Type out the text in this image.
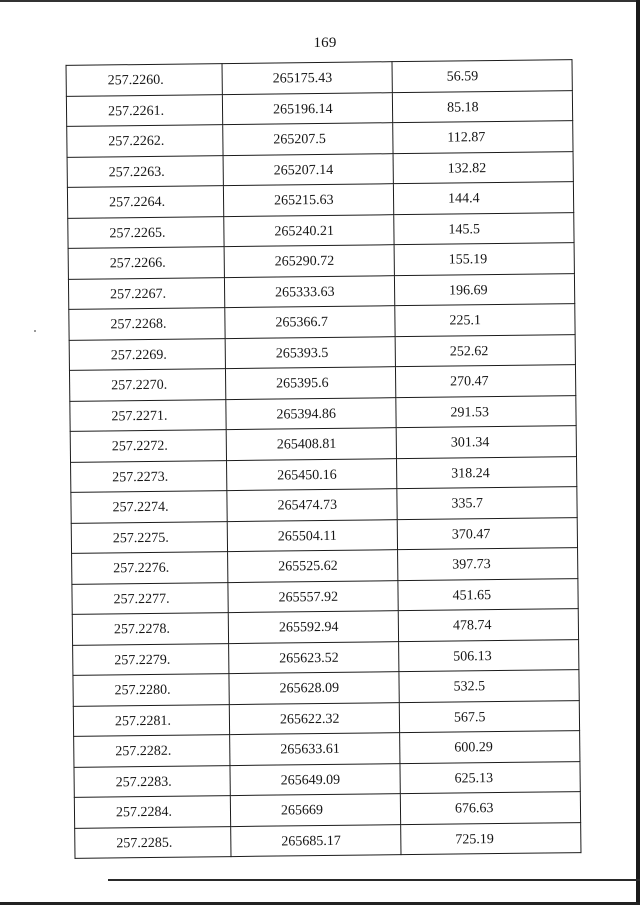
169
257.2260.	265175.43	56.59
257.2261.	265196.14	85.18
257.2262.	265207.5	112.87
257.2263.	265207.14	132.82
257.2264.	265215.63	144.4
257.2265.	265240.21	145.5
257.2266.	265290.72	155.19
257.2267.	265333.63	196.69
257.2268.	265366.7	225.1
257.2269.	265393.5	252.62
257.2270.	265395.6	270.47
257.2271.	265394.86	291.53
257.2272.	265408.81	301.34
257.2273.	265450.16	318.24
257.2274.	265474.73	335.7
257.2275.	265504.11	370.47
257.2276.	265525.62	397.73
257.2277.	265557.92	451.65
257.2278.	265592.94	478.74
257.2279.	265623.52	506.13
257.2280.	265628.09	532.5
257.2281.	265622.32	567.5
257.2282.	265633.61	600.29
257.2283.	265649.09	625.13
257.2284.	265669	676.63
257.2285.	265685.17	725.19
